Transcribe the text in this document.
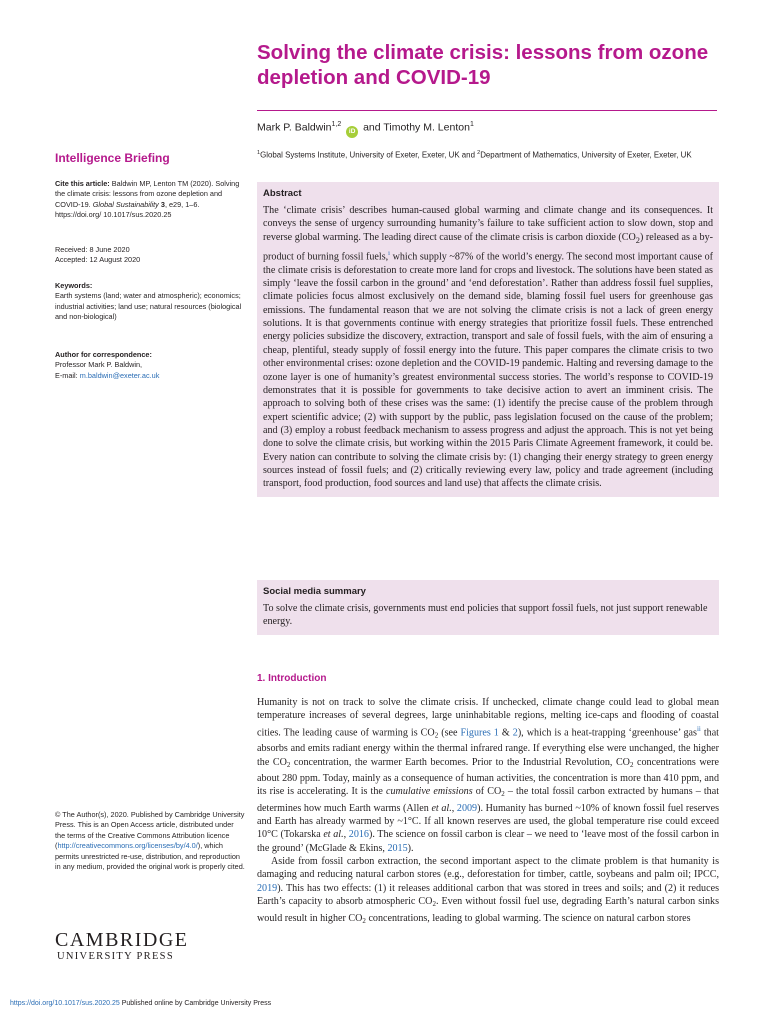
Solving the climate crisis: lessons from ozone depletion and COVID-19
Mark P. Baldwin$^{1,2}$ iD and Timothy M. Lenton$^1$
$^1$Global Systems Institute, University of Exeter, Exeter, UK and $^2$Department of Mathematics, University of Exeter, Exeter, UK
Intelligence Briefing
Cite this article: Baldwin MP, Lenton TM (2020). Solving the climate crisis: lessons from ozone depletion and COVID-19. Global Sustainability 3, e29, 1–6. https://doi.org/ 10.1017/sus.2020.25
Received: 8 June 2020
Accepted: 12 August 2020
Keywords:
Earth systems (land; water and atmospheric); economics; industrial activities; land use; natural resources (biological and non-biological)
Author for correspondence:
Professor Mark P. Baldwin,
E-mail: m.baldwin@exeter.ac.uk
© The Author(s), 2020. Published by Cambridge University Press. This is an Open Access article, distributed under the terms of the Creative Commons Attribution licence (http://creativecommons.org/licenses/by/4.0/), which permits unrestricted re-use, distribution, and reproduction in any medium, provided the original work is properly cited.
CAMBRIDGE
UNIVERSITY PRESS
Abstract
The ‘climate crisis’ describes human-caused global warming and climate change and its consequences. It conveys the sense of urgency surrounding humanity’s failure to take sufficient action to slow down, stop and reverse global warming. The leading direct cause of the climate crisis is carbon dioxide $(CO_2)$ released as a by-product of burning fossil fuels,$^i$ which supply ~87% of the world’s energy. The second most important cause of the climate crisis is deforestation to create more land for crops and livestock. The solutions have been stated as simply ‘leave the fossil carbon in the ground’ and ‘end deforestation’. Rather than address fossil fuel supplies, climate policies focus almost exclusively on the demand side, blaming fossil fuel users for greenhouse gas emissions. The fundamental reason that we are not solving the climate crisis is not a lack of green energy solutions. It is that governments continue with energy strategies that prioritize fossil fuels. These entrenched energy policies subsidize the discovery, extraction, transport and sale of fossil fuels, with the aim of ensuring a cheap, plentiful, steady supply of fossil energy into the future. This paper compares the climate crisis to two other environmental crises: ozone depletion and the COVID-19 pandemic. Halting and reversing damage to the ozone layer is one of humanity’s greatest environmental success stories. The world’s response to COVID-19 demonstrates that it is possible for governments to take decisive action to avert an imminent crisis. The approach to solving both of these crises was the same: (1) identify the precise cause of the problem through expert scientific advice; (2) with support by the public, pass legislation focused on the cause of the problem; and (3) employ a robust feedback mechanism to assess progress and adjust the approach. This is not yet being done to solve the climate crisis, but working within the 2015 Paris Climate Agreement framework, it could be. Every nation can contribute to solving the climate crisis by: (1) changing their energy strategy to green energy sources instead of fossil fuels; and (2) critically reviewing every law, policy and trade agreement (including transport, food production, food sources and land use) that affects the climate crisis.
Social media summary
To solve the climate crisis, governments must end policies that support fossil fuels, not just support renewable energy.
1. Introduction

Humanity is not on track to solve the climate crisis. If unchecked, climate change could lead to global mean temperature increases of several degrees, large uninhabitable regions, melting ice-caps and flooding of coastal cities. The leading cause of warming is $CO_2$ (see Figures 1 & 2), which is a heat-trapping ‘greenhouse’ gas$^{ii}$ that absorbs and emits radiant energy within the thermal infrared range. If everything else were unchanged, the higher the $CO_2$ concentration, the warmer Earth becomes. Prior to the Industrial Revolution, $CO_2$ concentrations were about 280 ppm. Today, mainly as a consequence of human activities, the concentration is more than 410 ppm, and its rise is accelerating. It is the cumulative emissions of $CO_2$ – the total fossil carbon extracted by humans – that determines how much Earth warms (Allen et al., 2009). Humanity has burned ~10% of known fossil fuel reserves and Earth has already warmed by ~1°C. If all known reserves are used, the global temperature rise could exceed 10°C (Tokarska et al., 2016). The science on fossil carbon is clear – we need to ‘leave most of the fossil carbon in the ground’ (McGlade & Ekins, 2015).

Aside from fossil carbon extraction, the second important aspect to the climate problem is that humanity is damaging and reducing natural carbon stores (e.g., deforestation for timber, cattle, soybeans and palm oil; IPCC, 2019). This has two effects: (1) it releases additional carbon that was stored in trees and soils; and (2) it reduces Earth’s capacity to absorb atmospheric $CO_2$. Even without fossil fuel use, degrading Earth’s natural carbon sinks would result in higher $CO_2$ concentrations, leading to global warming. The science on natural carbon stores

https://doi.org/10.1017/sus.2020.25 Published online by Cambridge University Press
